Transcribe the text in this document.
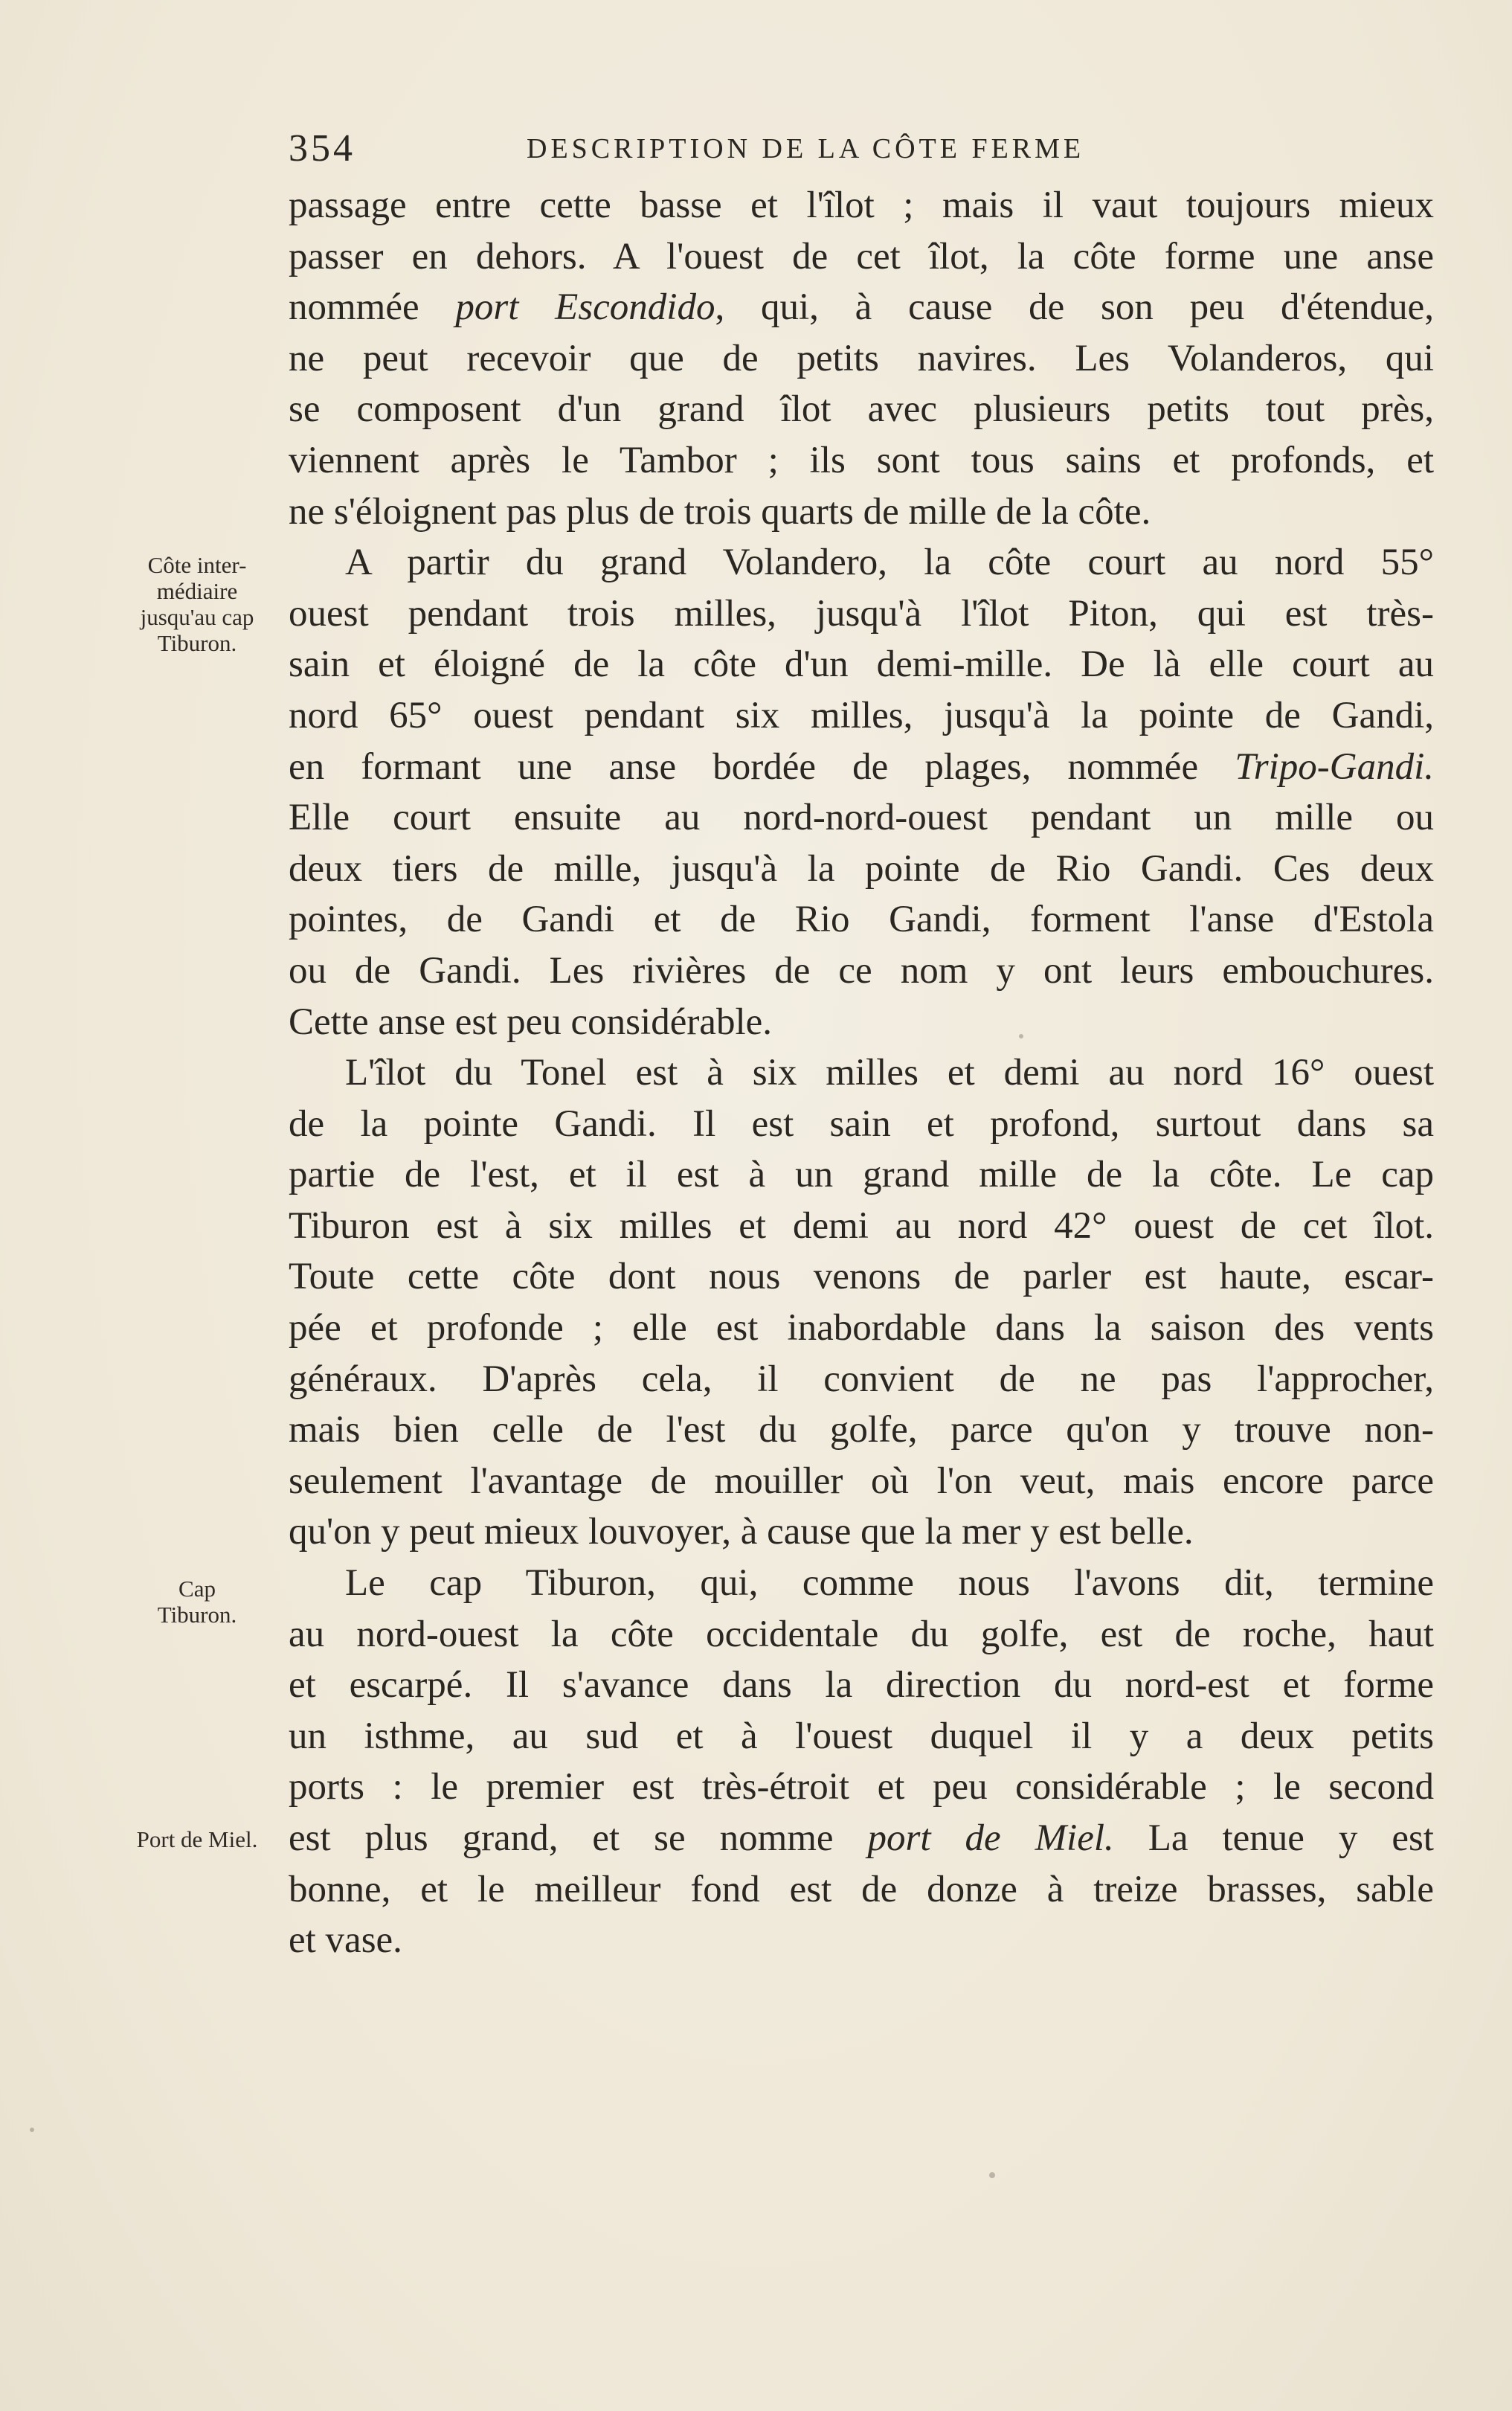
354	DESCRIPTION DE LA CÔTE FERME
Côte inter-
médiaire
jusqu'au cap
Tiburon.
Cap
Tiburon.
Port de Miel.
passage entre cette basse et l'îlot ; mais il vaut toujours mieux
passer en dehors. A l'ouest de cet îlot, la côte forme une anse
nommée port Escondido, qui, à cause de son peu d'étendue,
ne peut recevoir que de petits navires. Les Volanderos, qui
se composent d'un grand îlot avec plusieurs petits tout près,
viennent après le Tambor ; ils sont tous sains et profonds, et
ne s'éloignent pas plus de trois quarts de mille de la côte.
A partir du grand Volandero, la côte court au nord 55°
ouest pendant trois milles, jusqu'à l'îlot Piton, qui est très-
sain et éloigné de la côte d'un demi-mille. De là elle court au
nord 65° ouest pendant six milles, jusqu'à la pointe de Gandi,
en formant une anse bordée de plages, nommée Tripo-Gandi.
Elle court ensuite au nord-nord-ouest pendant un mille ou
deux tiers de mille, jusqu'à la pointe de Rio Gandi. Ces deux
pointes, de Gandi et de Rio Gandi, forment l'anse d'Estola
ou de Gandi. Les rivières de ce nom y ont leurs embouchures.
Cette anse est peu considérable.
L'îlot du Tonel est à six milles et demi au nord 16° ouest
de la pointe Gandi. Il est sain et profond, surtout dans sa
partie de l'est, et il est à un grand mille de la côte. Le cap
Tiburon est à six milles et demi au nord 42° ouest de cet îlot.
Toute cette côte dont nous venons de parler est haute, escar-
pée et profonde ; elle est inabordable dans la saison des vents
généraux. D'après cela, il convient de ne pas l'approcher,
mais bien celle de l'est du golfe, parce qu'on y trouve non-
seulement l'avantage de mouiller où l'on veut, mais encore parce
qu'on y peut mieux louvoyer, à cause que la mer y est belle.
Le cap Tiburon, qui, comme nous l'avons dit, termine
au nord-ouest la côte occidentale du golfe, est de roche, haut
et escarpé. Il s'avance dans la direction du nord-est et forme
un isthme, au sud et à l'ouest duquel il y a deux petits
ports : le premier est très-étroit et peu considérable ; le second
est plus grand, et se nomme port de Miel. La tenue y est
bonne, et le meilleur fond est de donze à treize brasses, sable
et vase.
